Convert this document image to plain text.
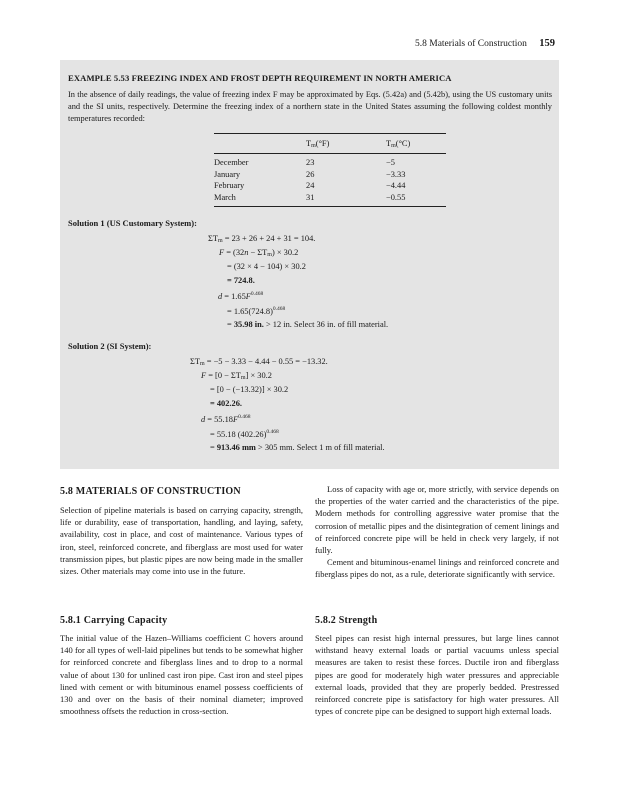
5.8 Materials of Construction 159
EXAMPLE 5.53 FREEZING INDEX AND FROST DEPTH REQUIREMENT IN NORTH AMERICA
In the absence of daily readings, the value of freezing index F may be approximated by Eqs. (5.42a) and (5.42b), using the US customary units and the SI units, respectively. Determine the freezing index of a northern state in the United States assuming the following coldest monthly temperatures recorded:
	Tm(°F)	Tm(°C)
December	23	−5
January	26	−3.33
February	24	−4.44
March	31	−0.55
Solution 1 (US Customary System):
ΣTm = 23 + 26 + 24 + 31 = 104.
F = (32n − ΣTm) × 30.2
= (32 × 4 − 104) × 30.2
= 724.8.
$d = 1.65F^{0.468}$
= $1.65(724.8)^{0.468}$
= 35.98 in. > 12 in. Select 36 in. of fill material.
Solution 2 (SI System):
ΣTm = −5 − 3.33 − 4.44 − 0.55 = −13.32.
F = [0 − ΣTm] × 30.2
= [0 − (−13.32)] × 30.2
= 402.26.
$d = 55.18F^{0.468}$
= 55.18 $(402.26)^{0.468}$
= 913.46 mm > 305 mm. Select 1 m of fill material.
5.8 MATERIALS OF CONSTRUCTION

Selection of pipeline materials is based on carrying capacity, strength, life or durability, ease of transportation, handling, and laying, safety, availability, cost in place, and cost of maintenance. Various types of iron, steel, reinforced concrete, and fiberglass are most used for water transmission pipes, but plastic pipes are now being made in the smaller sizes. Other materials may come into use in the future.

Loss of capacity with age or, more strictly, with service depends on the properties of the water carried and the characteristics of the pipe. Modern methods for controlling aggressive water promise that the corrosion of metallic pipes and the disintegration of cement linings and of reinforced concrete pipe will be held in check very largely, if not fully.

Cement and bituminous-enamel linings and reinforced concrete and fiberglass pipes do not, as a rule, deteriorate significantly with service.

5.8.1 Carrying Capacity

The initial value of the Hazen–Williams coefficient C hovers around 140 for all types of well-laid pipelines but tends to be somewhat higher for reinforced concrete and fiberglass lines and to drop to a normal value of about 130 for unlined cast iron pipe. Cast iron and steel pipes lined with cement or with bituminous enamel possess coefficients of 130 and over on the basis of their nominal diameter; improved smoothness offsets the reduction in cross-section.

5.8.2 Strength

Steel pipes can resist high internal pressures, but large lines cannot withstand heavy external loads or partial vacuums unless special measures are taken to resist these forces. Ductile iron and fiberglass pipes are good for moderately high water pressures and appreciable external loads, provided that they are properly bedded. Prestressed reinforced concrete pipe is satisfactory for high water pressures. All types of concrete pipe can be designed to support high external loads.
